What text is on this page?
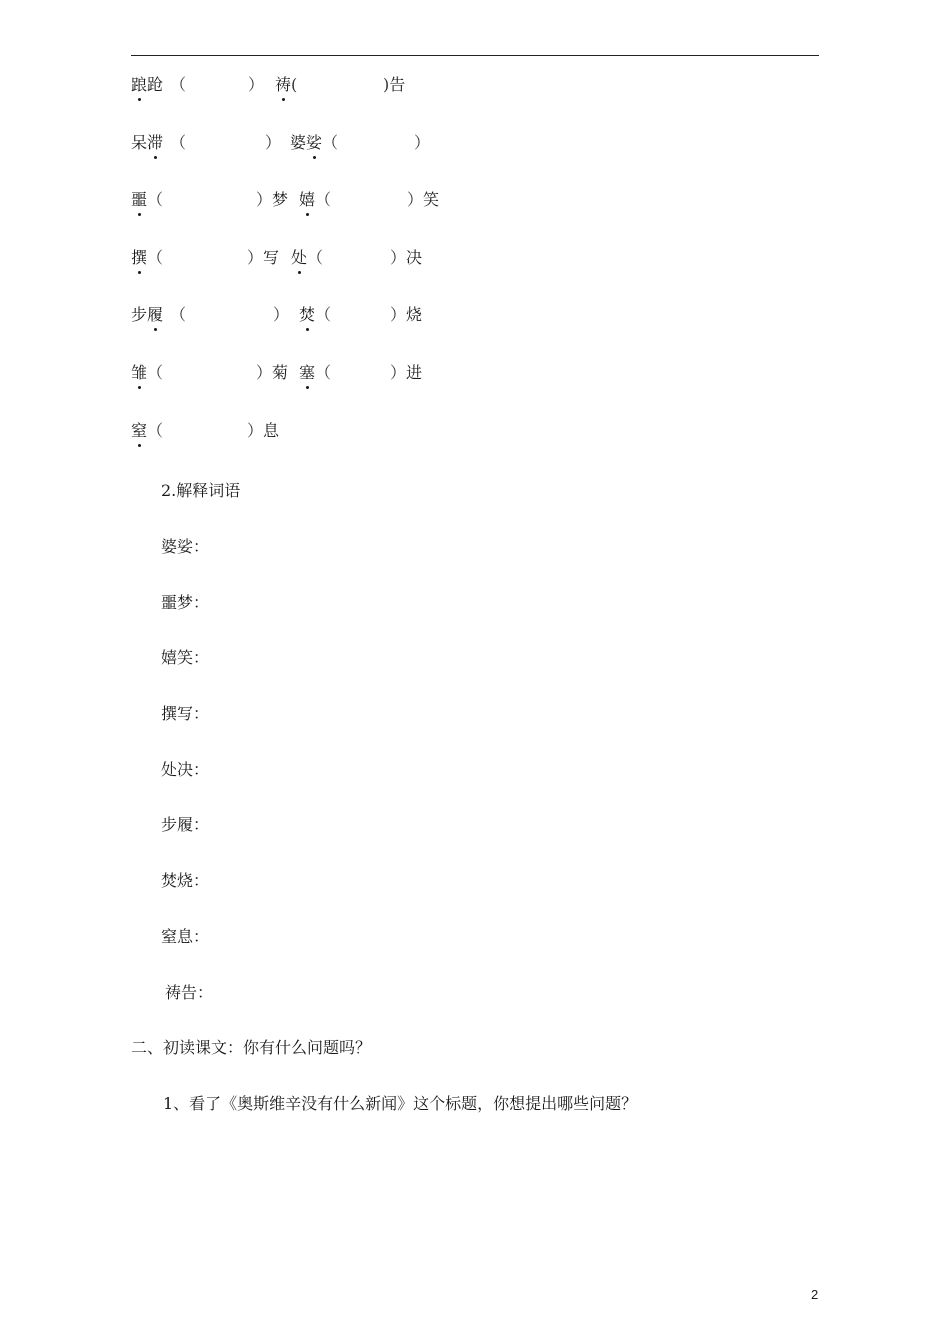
踉跄 （	） 祷(	)告
呆滞 （	） 婆娑（	）
噩（	）梦 嬉（	）笑
撰（	）写 处（	）决
步履 （	） 焚（	）烧
雏（	）菊 塞（	）进
窒（	）息
2.解释词语
婆娑：
噩梦：
嬉笑：
撰写：
处决：
步履：
焚烧：
窒息：
祷告：
二、初读课文：你有什么问题吗？
1、看了《奥斯维辛没有什么新闻》这个标题，你想提出哪些问题？
2
